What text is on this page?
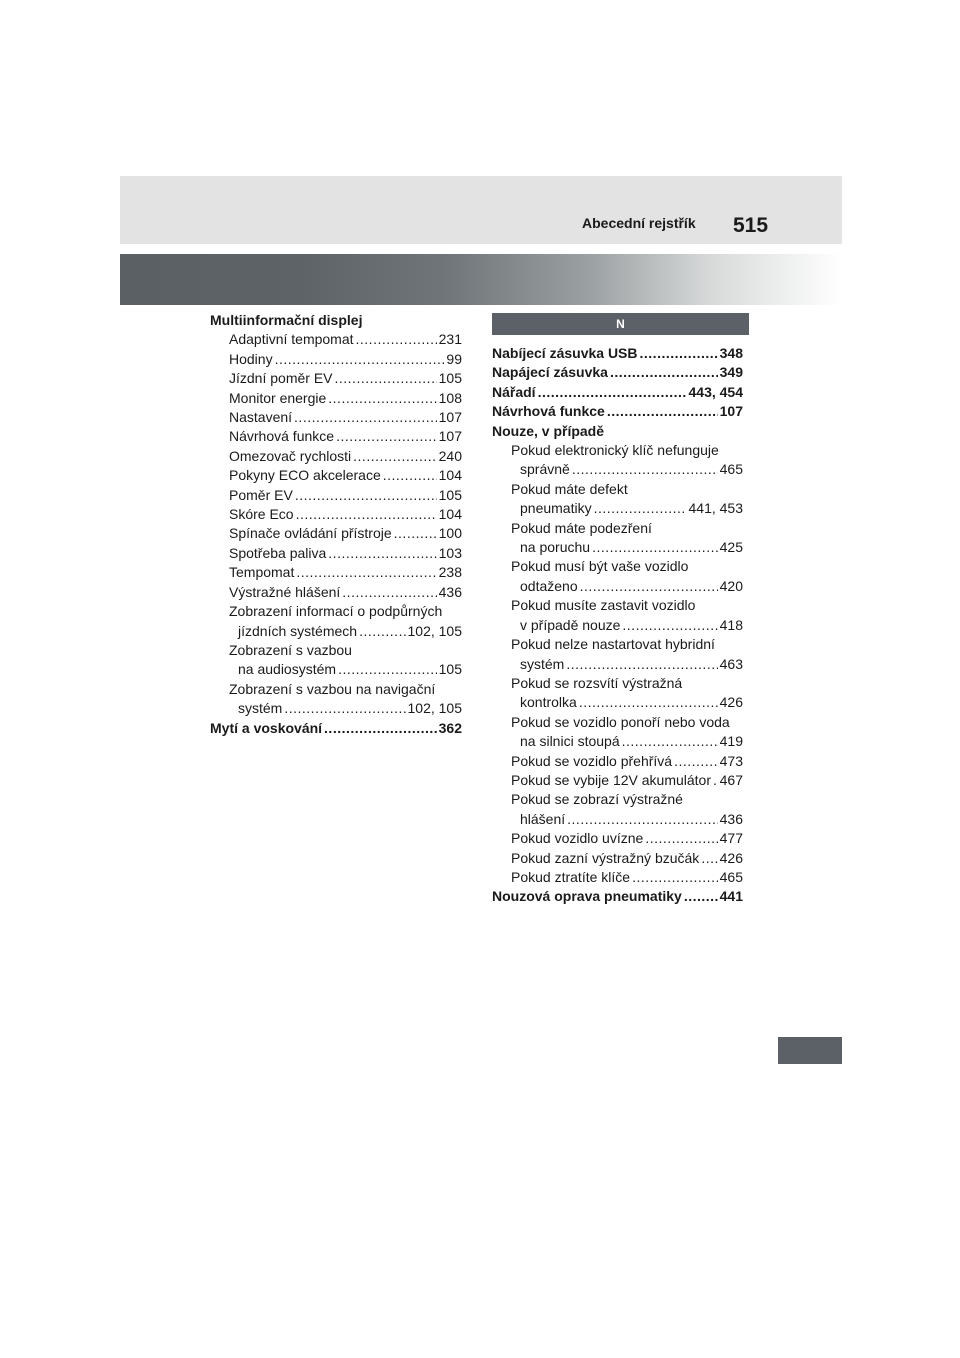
Abecední rejstřík 515
Multiinformační displej
Adaptivní tempomat .....	231
Hodiny .....	99
Jízdní poměr EV .....	105
Monitor energie .....	108
Nastavení .....	107
Návrhová funkce .....	107
Omezovač rychlosti .....	240
Pokyny ECO akcelerace .....	104
Poměr EV .....	105
Skóre Eco .....	104
Spínače ovládání přístroje .....	100
Spotřeba paliva .....	103
Tempomat .....	238
Výstražné hlášení .....	436
Zobrazení informací o podpůrných
jízdních systémech .....	102, 105
Zobrazení s vazbou
na audiosystém .....	105
Zobrazení s vazbou na navigační
systém .....	102, 105
Mytí a voskování .....	362
N
Nabíjecí zásuvka USB .....	348
Napájecí zásuvka .....	349
Nářadí .....	443, 454
Návrhová funkce .....	107
Nouze, v případě
Pokud elektronický klíč nefunguje
správně .....	465
Pokud máte defekt
pneumatiky .....	441, 453
Pokud máte podezření
na poruchu .....	425
Pokud musí být vaše vozidlo
odtaženo .....	420
Pokud musíte zastavit vozidlo
v případě nouze .....	418
Pokud nelze nastartovat hybridní
systém .....	463
Pokud se rozsvítí výstražná
kontrolka .....	426
Pokud se vozidlo ponoří nebo voda
na silnici stoupá .....	419
Pokud se vozidlo přehřívá .....	473
Pokud se vybije 12V akumulátor ..... 467
Pokud se zobrazí výstražné
hlášení .....	436
Pokud vozidlo uvízne .....	477
Pokud zazní výstražný bzučák ..... 426
Pokud ztratíte klíče .....	465
Nouzová oprava pneumatiky .....	441
